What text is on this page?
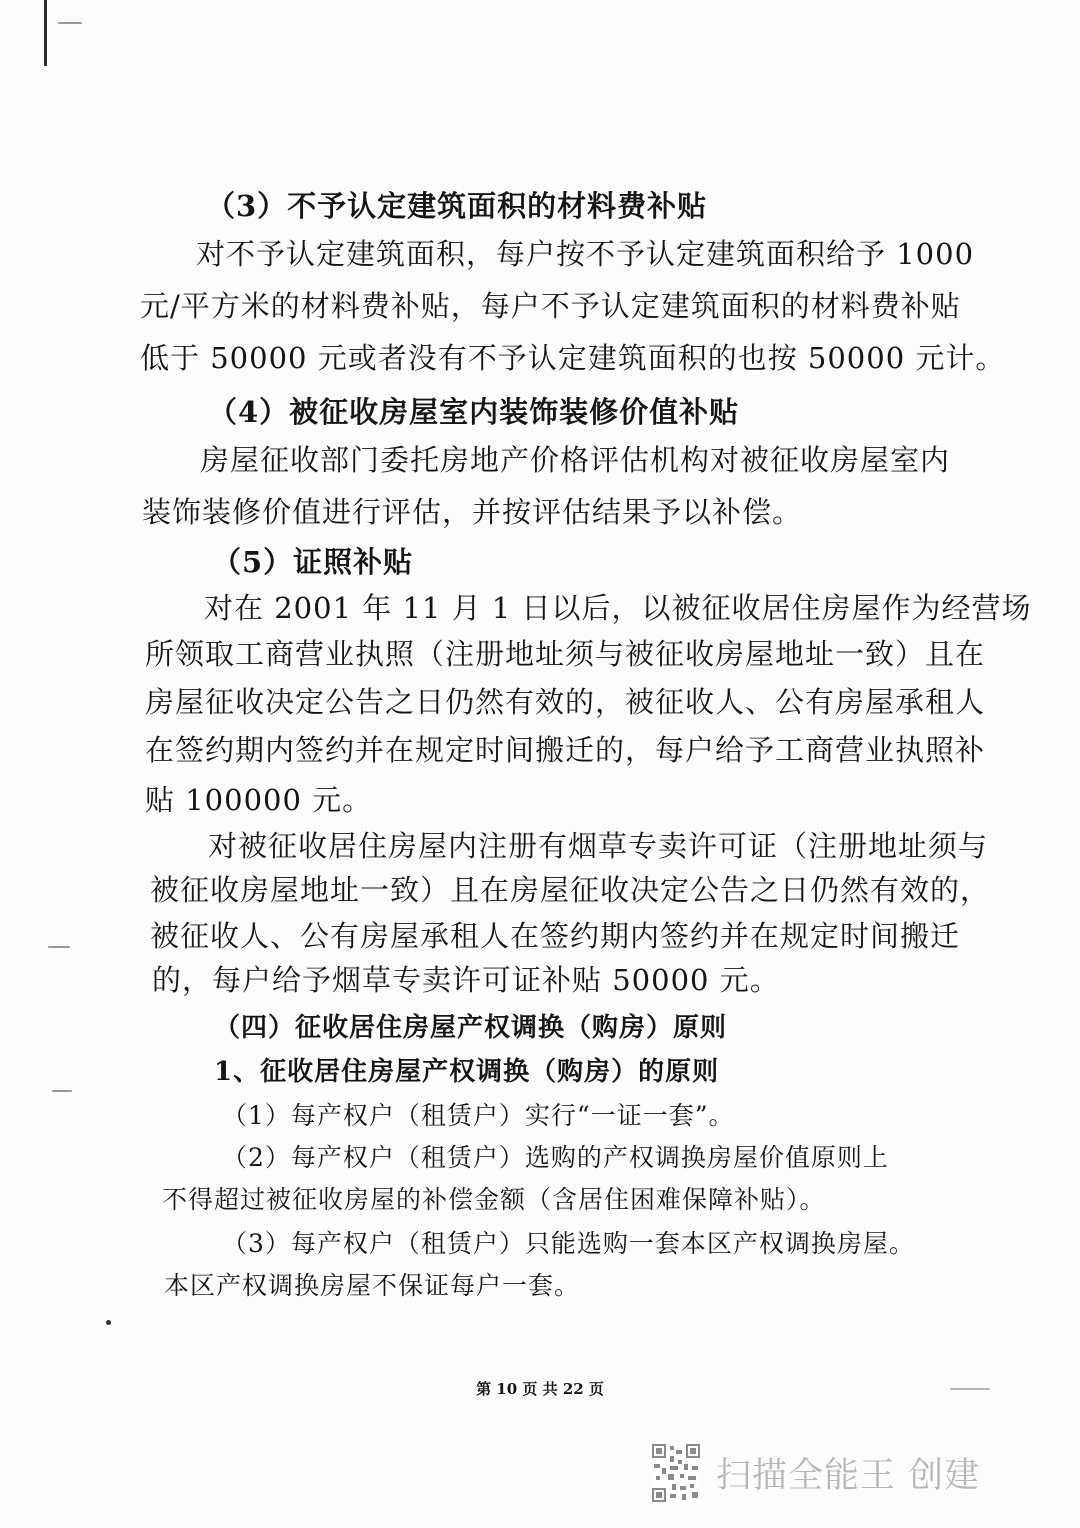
（3）不予认定建筑面积的材料费补贴
对不予认定建筑面积，每户按不予认定建筑面积给予 1000
元/平方米的材料费补贴，每户不予认定建筑面积的材料费补贴
低于 50000 元或者没有不予认定建筑面积的也按 50000 元计。
（4）被征收房屋室内装饰装修价值补贴
房屋征收部门委托房地产价格评估机构对被征收房屋室内
装饰装修价值进行评估，并按评估结果予以补偿。
（5）证照补贴
对在 2001 年 11 月 1 日以后，以被征收居住房屋作为经营场
所领取工商营业执照（注册地址须与被征收房屋地址一致）且在
房屋征收决定公告之日仍然有效的，被征收人、公有房屋承租人
在签约期内签约并在规定时间搬迁的，每户给予工商营业执照补
贴 100000 元。
对被征收居住房屋内注册有烟草专卖许可证（注册地址须与
被征收房屋地址一致）且在房屋征收决定公告之日仍然有效的，
被征收人、公有房屋承租人在签约期内签约并在规定时间搬迁
的，每户给予烟草专卖许可证补贴 50000 元。
（四）征收居住房屋产权调换（购房）原则
1、征收居住房屋产权调换（购房）的原则
（1）每产权户（租赁户）实行“一证一套”。
（2）每产权户（租赁户）选购的产权调换房屋价值原则上
不得超过被征收房屋的补偿金额（含居住困难保障补贴）。
（3）每产权户（租赁户）只能选购一套本区产权调换房屋。
本区产权调换房屋不保证每户一套。
第 10 页 共 22 页
扫描全能王 创建
